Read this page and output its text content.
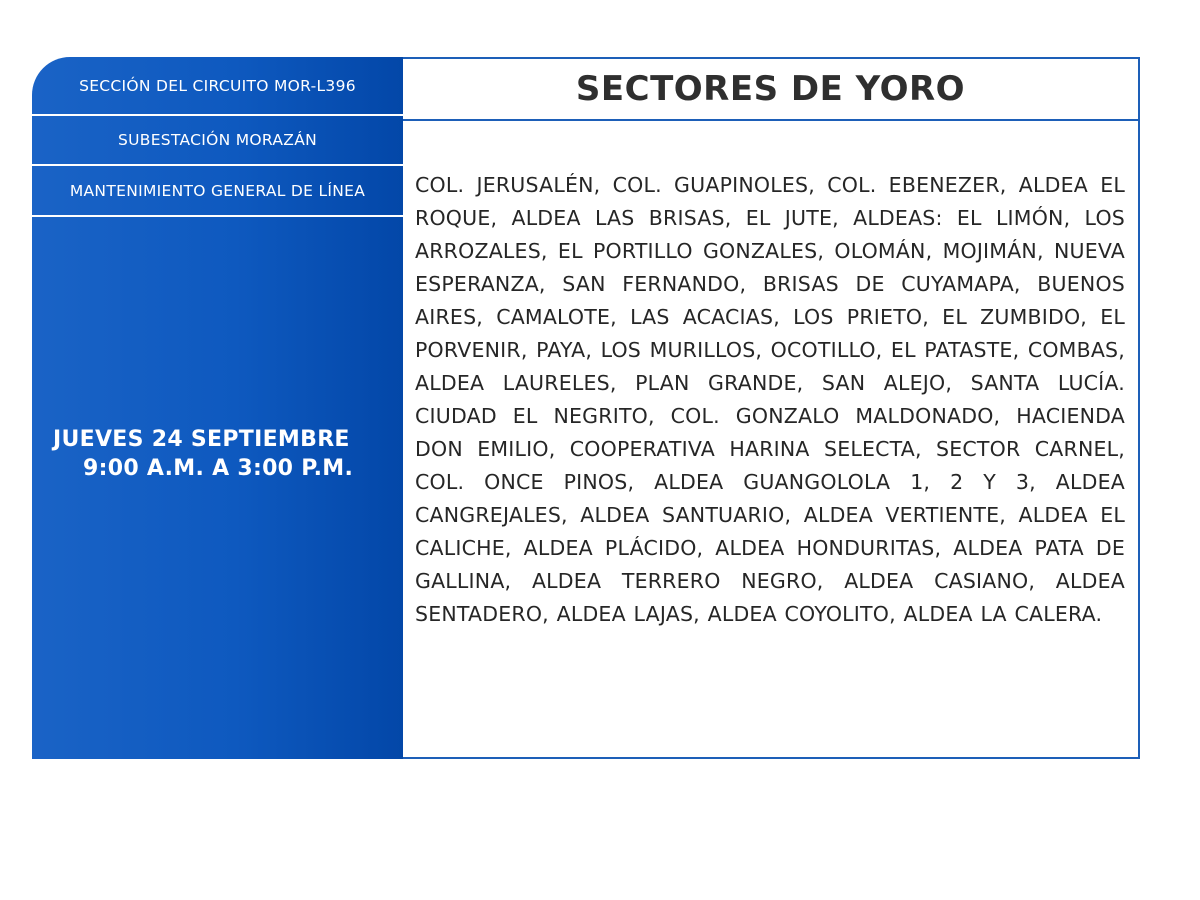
SECCIÓN DEL CIRCUITO MOR-L396
SUBESTACIÓN MORAZÁN
MANTENIMIENTO GENERAL DE LÍNEA
JUEVES 24 SEPTIEMBRE
9:00 A.M. A 3:00 P.M.
SECTORES DE YORO
COL. JERUSALÉN, COL. GUAPINOLES, COL. EBENEZER, ALDEA EL ROQUE, ALDEA LAS BRISAS, EL JUTE, ALDEAS: EL LIMÓN, LOS ARROZALES, EL PORTILLO GONZALES, OLOMÁN, MOJIMÁN, NUEVA ESPERANZA, SAN FERNANDO, BRISAS DE CUYAMAPA, BUENOS AIRES, CAMALOTE, LAS ACACIAS, LOS PRIETO, EL ZUMBIDO, EL PORVENIR, PAYA, LOS MURILLOS, OCOTILLO, EL PATASTE, COMBAS, ALDEA LAURELES, PLAN GRANDE, SAN ALEJO, SANTA LUCÍA. CIUDAD EL NEGRITO, COL. GONZALO MALDONADO, HACIENDA DON EMILIO, COOPERATIVA HARINA SELECTA, SECTOR CARNEL, COL. ONCE PINOS, ALDEA GUANGOLOLA 1, 2 Y 3, ALDEA CANGREJALES, ALDEA SANTUARIO, ALDEA VERTIENTE, ALDEA EL CALICHE, ALDEA PLÁCIDO, ALDEA HONDURITAS, ALDEA PATA DE GALLINA, ALDEA TERRERO NEGRO, ALDEA CASIANO, ALDEA SENTADERO, ALDEA LAJAS, ALDEA COYOLITO, ALDEA LA CALERA.
